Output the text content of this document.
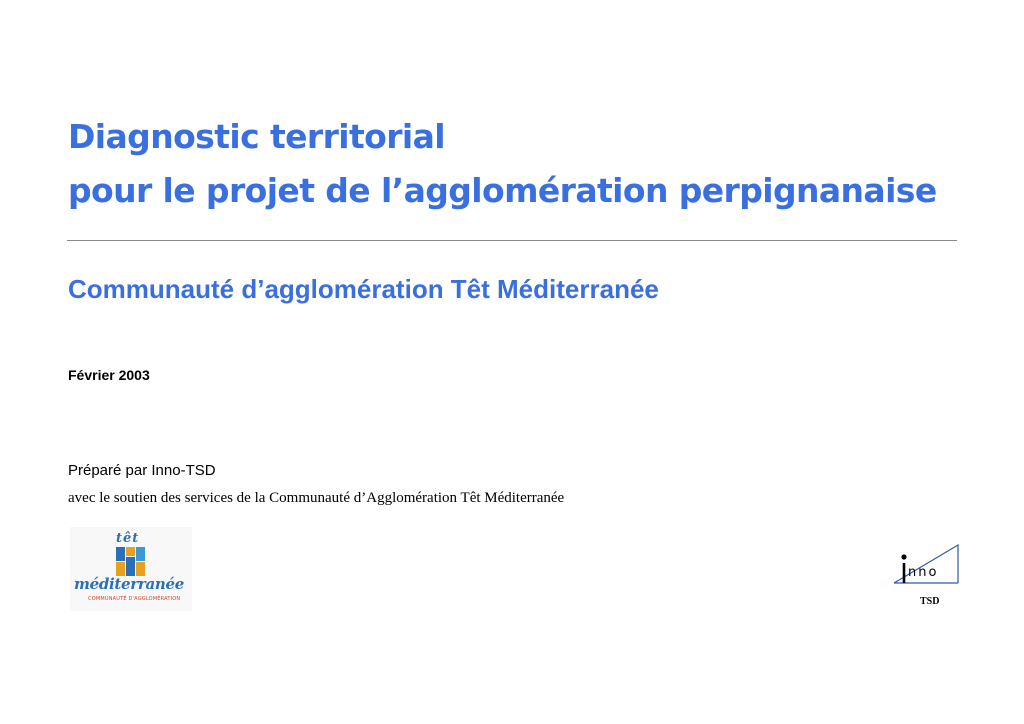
Diagnostic territorial
pour le projet de l’agglomération perpignanaise
Communauté d’agglomération Têt Méditerranée
Février 2003
Préparé par Inno-TSD
avec le soutien des services de la Communauté d’Agglomération Têt Méditerranée
têt
méditerranée
COMMUNAUTÉ D'AGGLOMÉRATION
nno
TSD
